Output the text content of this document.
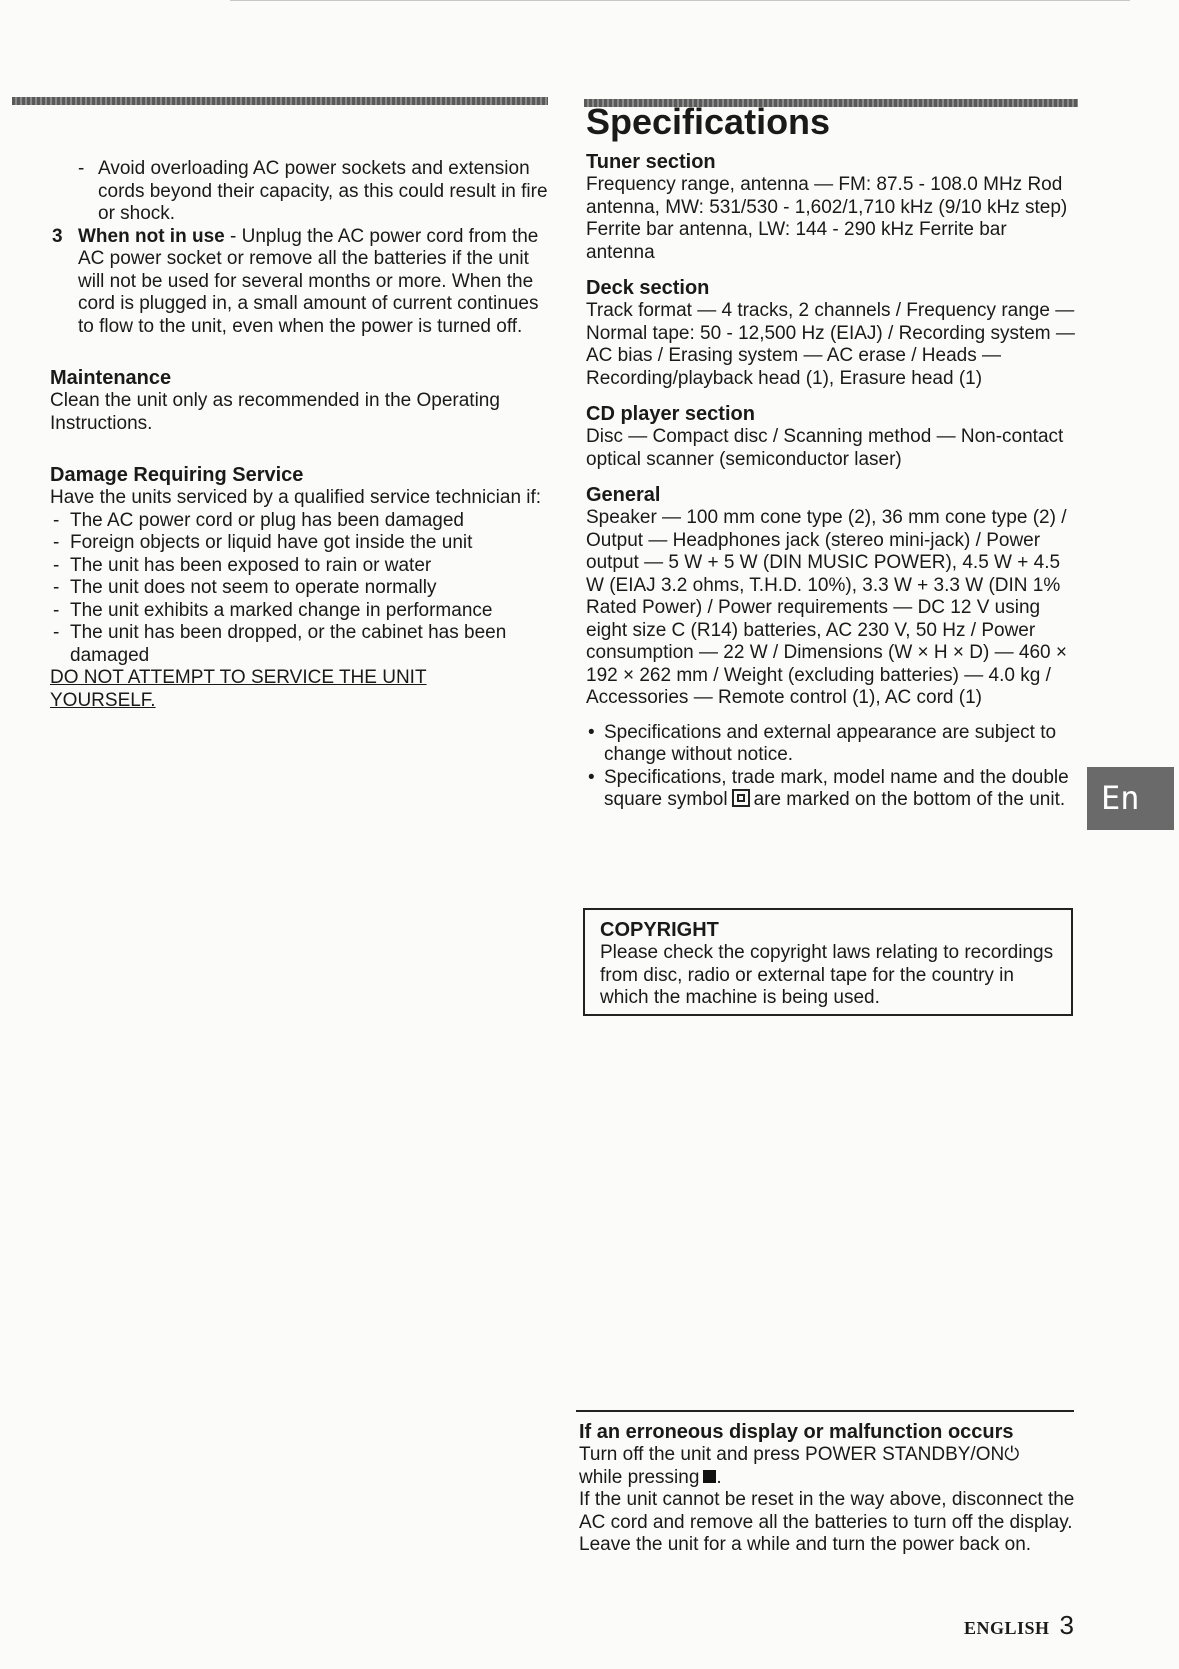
- Avoid overloading AC power sockets and extension cords beyond their capacity, as this could result in fire or shock.
3 When not in use - Unplug the AC power cord from the AC power socket or remove all the batteries if the unit will not be used for several months or more. When the cord is plugged in, a small amount of current continues to flow to the unit, even when the power is turned off.
Maintenance

Clean the unit only as recommended in the Operating Instructions.

Damage Requiring Service

Have the units serviced by a qualified service technician if:

- The AC power cord or plug has been damaged
- Foreign objects or liquid have got inside the unit
- The unit has been exposed to rain or water
- The unit does not seem to operate normally
- The unit exhibits a marked change in performance
- The unit has been dropped, or the cabinet has been damaged

DO NOT ATTEMPT TO SERVICE THE UNIT YOURSELF.

Specifications
Tuner section

Frequency range, antenna — FM: 87.5 - 108.0 MHz Rod antenna, MW: 531/530 - 1,602/1,710 kHz (9/10 kHz step) Ferrite bar antenna, LW: 144 - 290 kHz Ferrite bar antenna

Deck section

Track format — 4 tracks, 2 channels / Frequency range — Normal tape: 50 - 12,500 Hz (EIAJ) / Recording system — AC bias / Erasing system — AC erase / Heads — Recording/playback head (1), Erasure head (1)

CD player section

Disc — Compact disc / Scanning method — Non-contact optical scanner (semiconductor laser)

General

Speaker — 100 mm cone type (2), 36 mm cone type (2) / Output — Headphones jack (stereo mini-jack) / Power output — 5 W + 5 W (DIN MUSIC POWER), 4.5 W + 4.5 W (EIAJ 3.2 ohms, T.H.D. 10%), 3.3 W + 3.3 W (DIN 1% Rated Power) / Power requirements — DC 12 V using eight size C (R14) batteries, AC 230 V, 50 Hz / Power consumption — 22 W / Dimensions (W × H × D) — 460 × 192 × 262 mm / Weight (excluding batteries) — 4.0 kg / Accessories — Remote control (1), AC cord (1)

• Specifications and external appearance are subject to change without notice.
• Specifications, trade mark, model name and the double square symbol are marked on the bottom of the unit.
COPYRIGHT

Please check the copyright laws relating to recordings from disc, radio or external tape for the country in which the machine is being used.

En
If an erroneous display or malfunction occurs

Turn off the unit and press POWER STANDBY/ON⏻
while pressing .

If the unit cannot be reset in the way above, disconnect the AC cord and remove all the batteries to turn off the display.

Leave the unit for a while and turn the power back on.

ENGLISH 3
